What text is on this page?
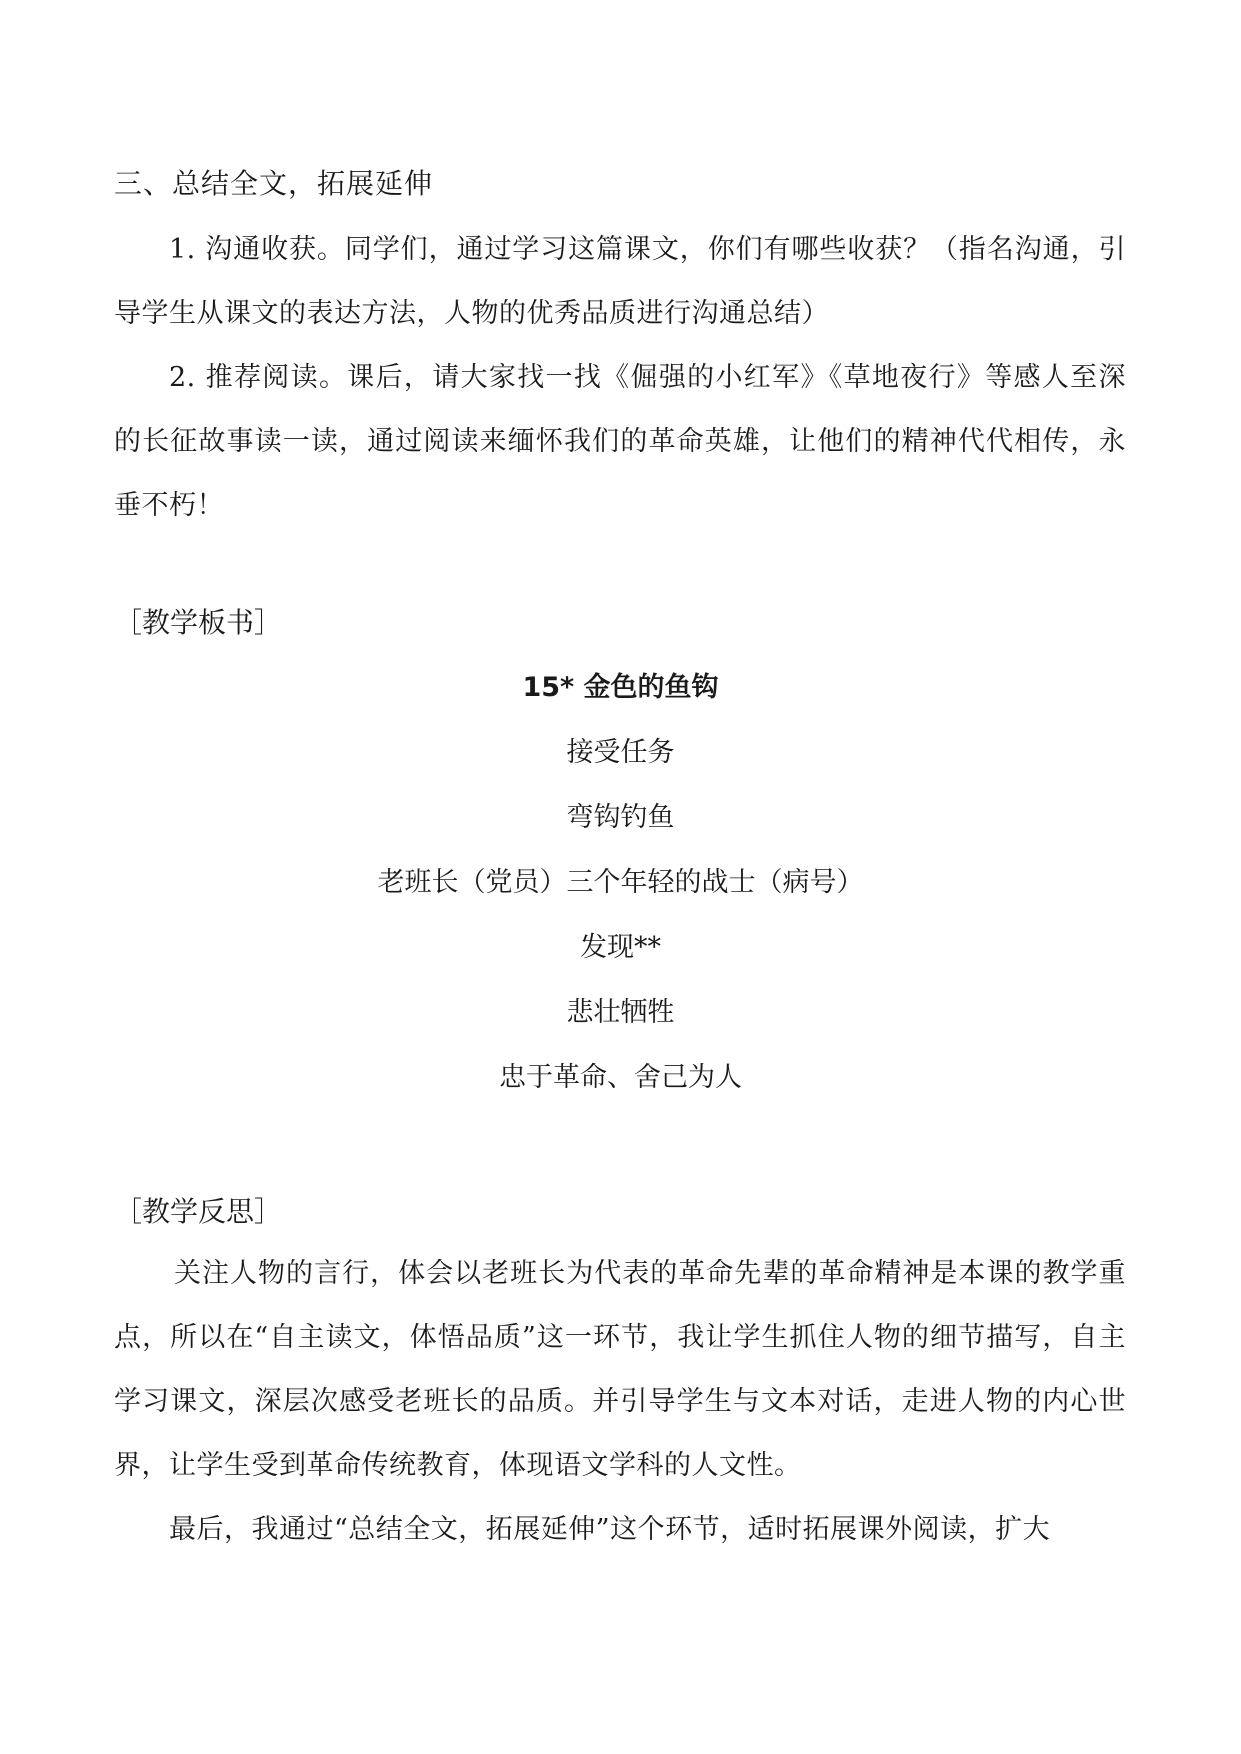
三、总结全文，拓展延伸

1. 沟通收获。同学们，通过学习这篇课文，你们有哪些收获？（指名沟通，引导学生从课文的表达方法，人物的优秀品质进行沟通总结）

2. 推荐阅读。课后，请大家找一找《倔强的小红军》《草地夜行》等感人至深的长征故事读一读，通过阅读来缅怀我们的革命英雄，让他们的精神代代相传，永垂不朽！

［教学板书］

15* 金色的鱼钩

接受任务

弯钩钓鱼

老班长（党员）三个年轻的战士（病号）

发现**

悲壮牺牲

忠于革命、舍己为人

［教学反思］

关注人物的言行，体会以老班长为代表的革命先辈的革命精神是本课的教学重点，所以在“自主读文，体悟品质”这一环节，我让学生抓住人物的细节描写，自主学习课文，深层次感受老班长的品质。并引导学生与文本对话，走进人物的内心世界，让学生受到革命传统教育，体现语文学科的人文性。

最后，我通过“总结全文，拓展延伸”这个环节，适时拓展课外阅读，扩大
